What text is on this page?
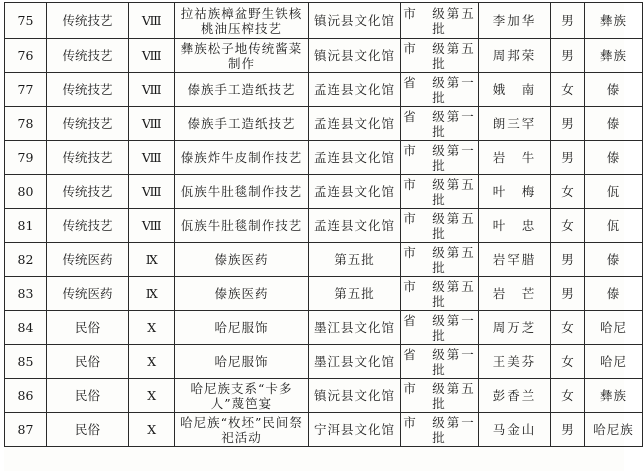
75	传统技艺	Ⅷ	拉祜族樟盆野生铁核桃油压榨技艺	镇沅县文化馆	市　级第五批	李加华	男	彝族
76	传统技艺	Ⅷ	彝族松子地传统酱菜制作	镇沅县文化馆	市　级第五批	周邦荣	男	彝族
77	传统技艺	Ⅷ	傣族手工造纸技艺	孟连县文化馆	省　级第一批	娥　南	女	傣
78	传统技艺	Ⅷ	傣族手工造纸技艺	孟连县文化馆	省　级第一批	朗三罕	男	傣
79	传统技艺	Ⅷ	傣族炸牛皮制作技艺	孟连县文化馆	市　级第一批	岩　牛	男	傣
80	传统技艺	Ⅷ	佤族牛肚毯制作技艺	孟连县文化馆	市　级第五批	叶　梅	女	佤
81	传统技艺	Ⅷ	佤族牛肚毯制作技艺	孟连县文化馆	市　级第五批	叶　忠	女	佤
82	传统医药	Ⅸ	傣族医药	第五批	市　级第五批	岩罕腊	男	傣
83	传统医药	Ⅸ	傣族医药	第五批	市　级第五批	岩　芒	男	傣
84	民俗	Ⅹ	哈尼服饰	墨江县文化馆	省　级第一批	周万芝	女	哈尼
85	民俗	Ⅹ	哈尼服饰	墨江县文化馆	省　级第一批	王美芬	女	哈尼
86	民俗	Ⅹ	哈尼族支系“卡多人”蔑笆宴	镇沅县文化馆	市　级第五批	彭香兰	女	彝族
87	民俗	Ⅹ	哈尼族“枚坯”民间祭祀活动	宁洱县文化馆	市　级第一批	马金山	男	哈尼族
